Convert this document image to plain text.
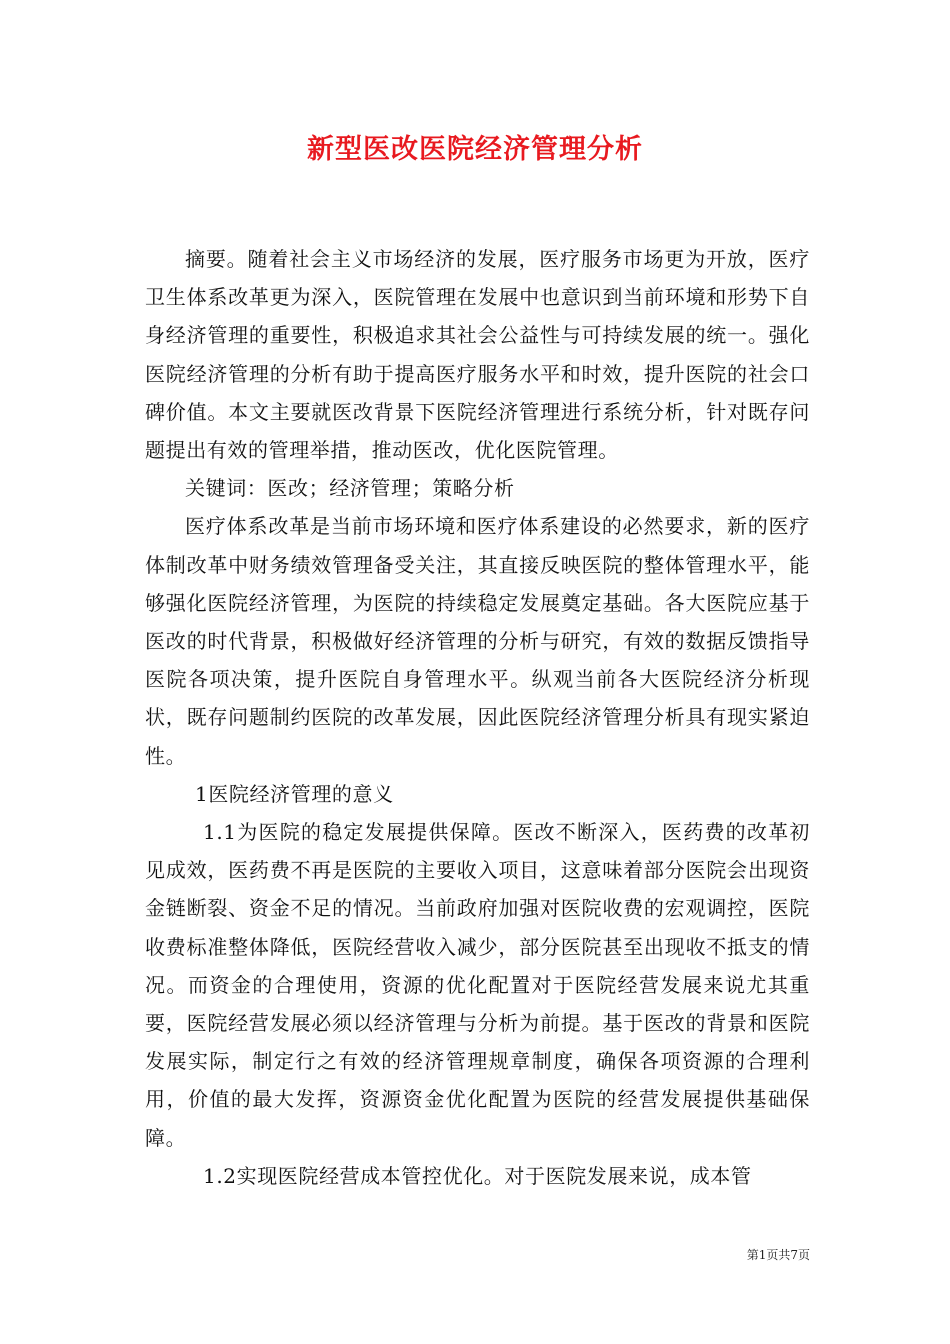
新型医改医院经济管理分析

摘要。随着社会主义市场经济的发展，医疗服务市场更为开放，医疗卫生体系改革更为深入，医院管理在发展中也意识到当前环境和形势下自身经济管理的重要性，积极追求其社会公益性与可持续发展的统一。强化医院经济管理的分析有助于提高医疗服务水平和时效，提升医院的社会口碑价值。本文主要就医改背景下医院经济管理进行系统分析，针对既存问题提出有效的管理举措，推动医改，优化医院管理。

关键词：医改；经济管理；策略分析

医疗体系改革是当前市场环境和医疗体系建设的必然要求，新的医疗体制改革中财务绩效管理备受关注，其直接反映医院的整体管理水平，能够强化医院经济管理，为医院的持续稳定发展奠定基础。各大医院应基于医改的时代背景，积极做好经济管理的分析与研究，有效的数据反馈指导医院各项决策，提升医院自身管理水平。纵观当前各大医院经济分析现状，既存问题制约医院的改革发展，因此医院经济管理分析具有现实紧迫性。

1医院经济管理的意义

1.1为医院的稳定发展提供保障。医改不断深入，医药费的改革初见成效，医药费不再是医院的主要收入项目，这意味着部分医院会出现资金链断裂、资金不足的情况。当前政府加强对医院收费的宏观调控，医院收费标准整体降低，医院经营收入减少，部分医院甚至出现收不抵支的情况。而资金的合理使用，资源的优化配置对于医院经营发展来说尤其重要，医院经营发展必须以经济管理与分析为前提。基于医改的背景和医院发展实际，制定行之有效的经济管理规章制度，确保各项资源的合理利用，价值的最大发挥，资源资金优化配置为医院的经营发展提供基础保障。

1.2实现医院经营成本管控优化。对于医院发展来说，成本管

第1页共7页
